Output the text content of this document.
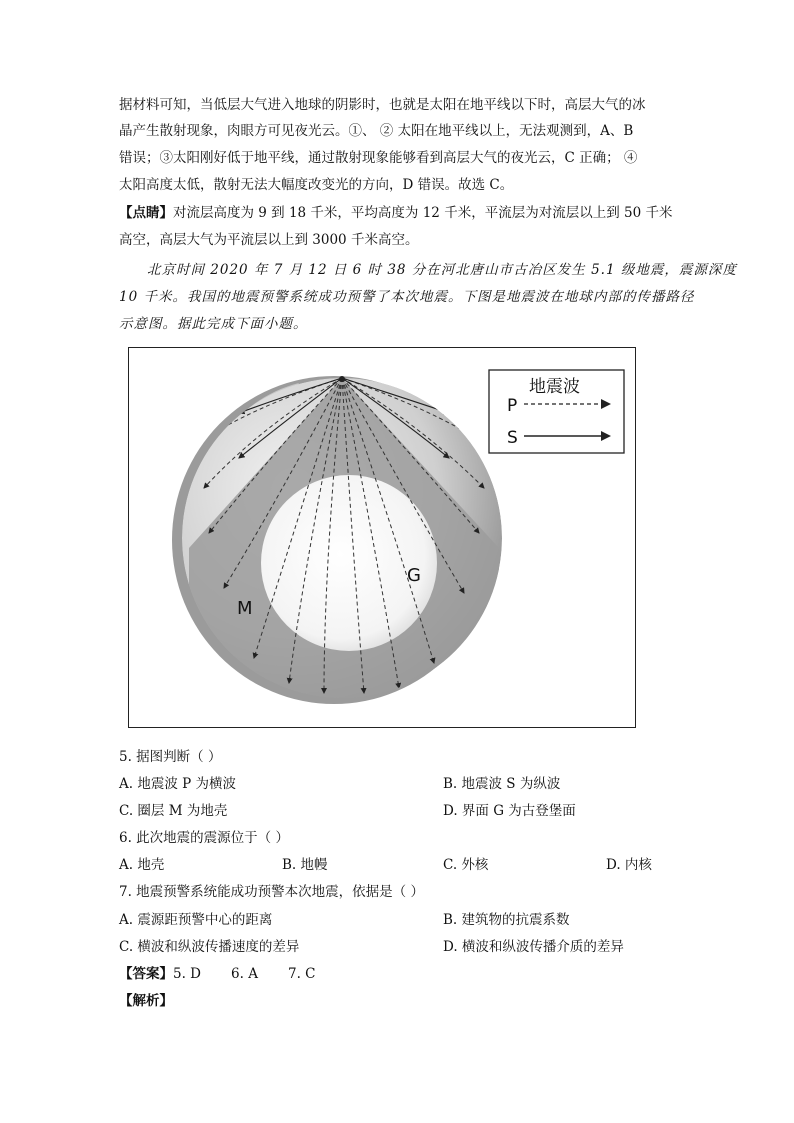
据材料可知，当低层大气进入地球的阴影时，也就是太阳在地平线以下时，高层大气的冰
晶产生散射现象，肉眼方可见夜光云。①、 ② 太阳在地平线以上，无法观测到，A、B
错误；③太阳刚好低于地平线，通过散射现象能够看到高层大气的夜光云，C 正确； ④
太阳高度太低，散射无法大幅度改变光的方向，D 错误。故选 C。
【点睛】对流层高度为 9 到 18 千米，平均高度为 12 千米，平流层为对流层以上到 50 千米
高空，高层大气为平流层以上到 3000 千米高空。
北京时间 2020 年 7 月 12 日 6 时 38 分在河北唐山市古冶区发生 5.1 级地震，震源深度
10 千米。我国的地震预警系统成功预警了本次地震。下图是地震波在地球内部的传播路径
示意图。据此完成下面小题。
M
G
地震波
P
S
5. 据图判断（ ）
A. 地震波 P 为横波	B. 地震波 S 为纵波
C. 圈层 M 为地壳	D. 界面 G 为古登堡面
6. 此次地震的震源位于（ ）
A. 地壳	B. 地幔	C. 外核	D. 内核
7. 地震预警系统能成功预警本次地震，依据是（ ）
A. 震源距预警中心的距离	B. 建筑物的抗震系数
C. 横波和纵波传播速度的差异	D. 横波和纵波传播介质的差异
【答案】5. D       6. A       7. C
【解析】
